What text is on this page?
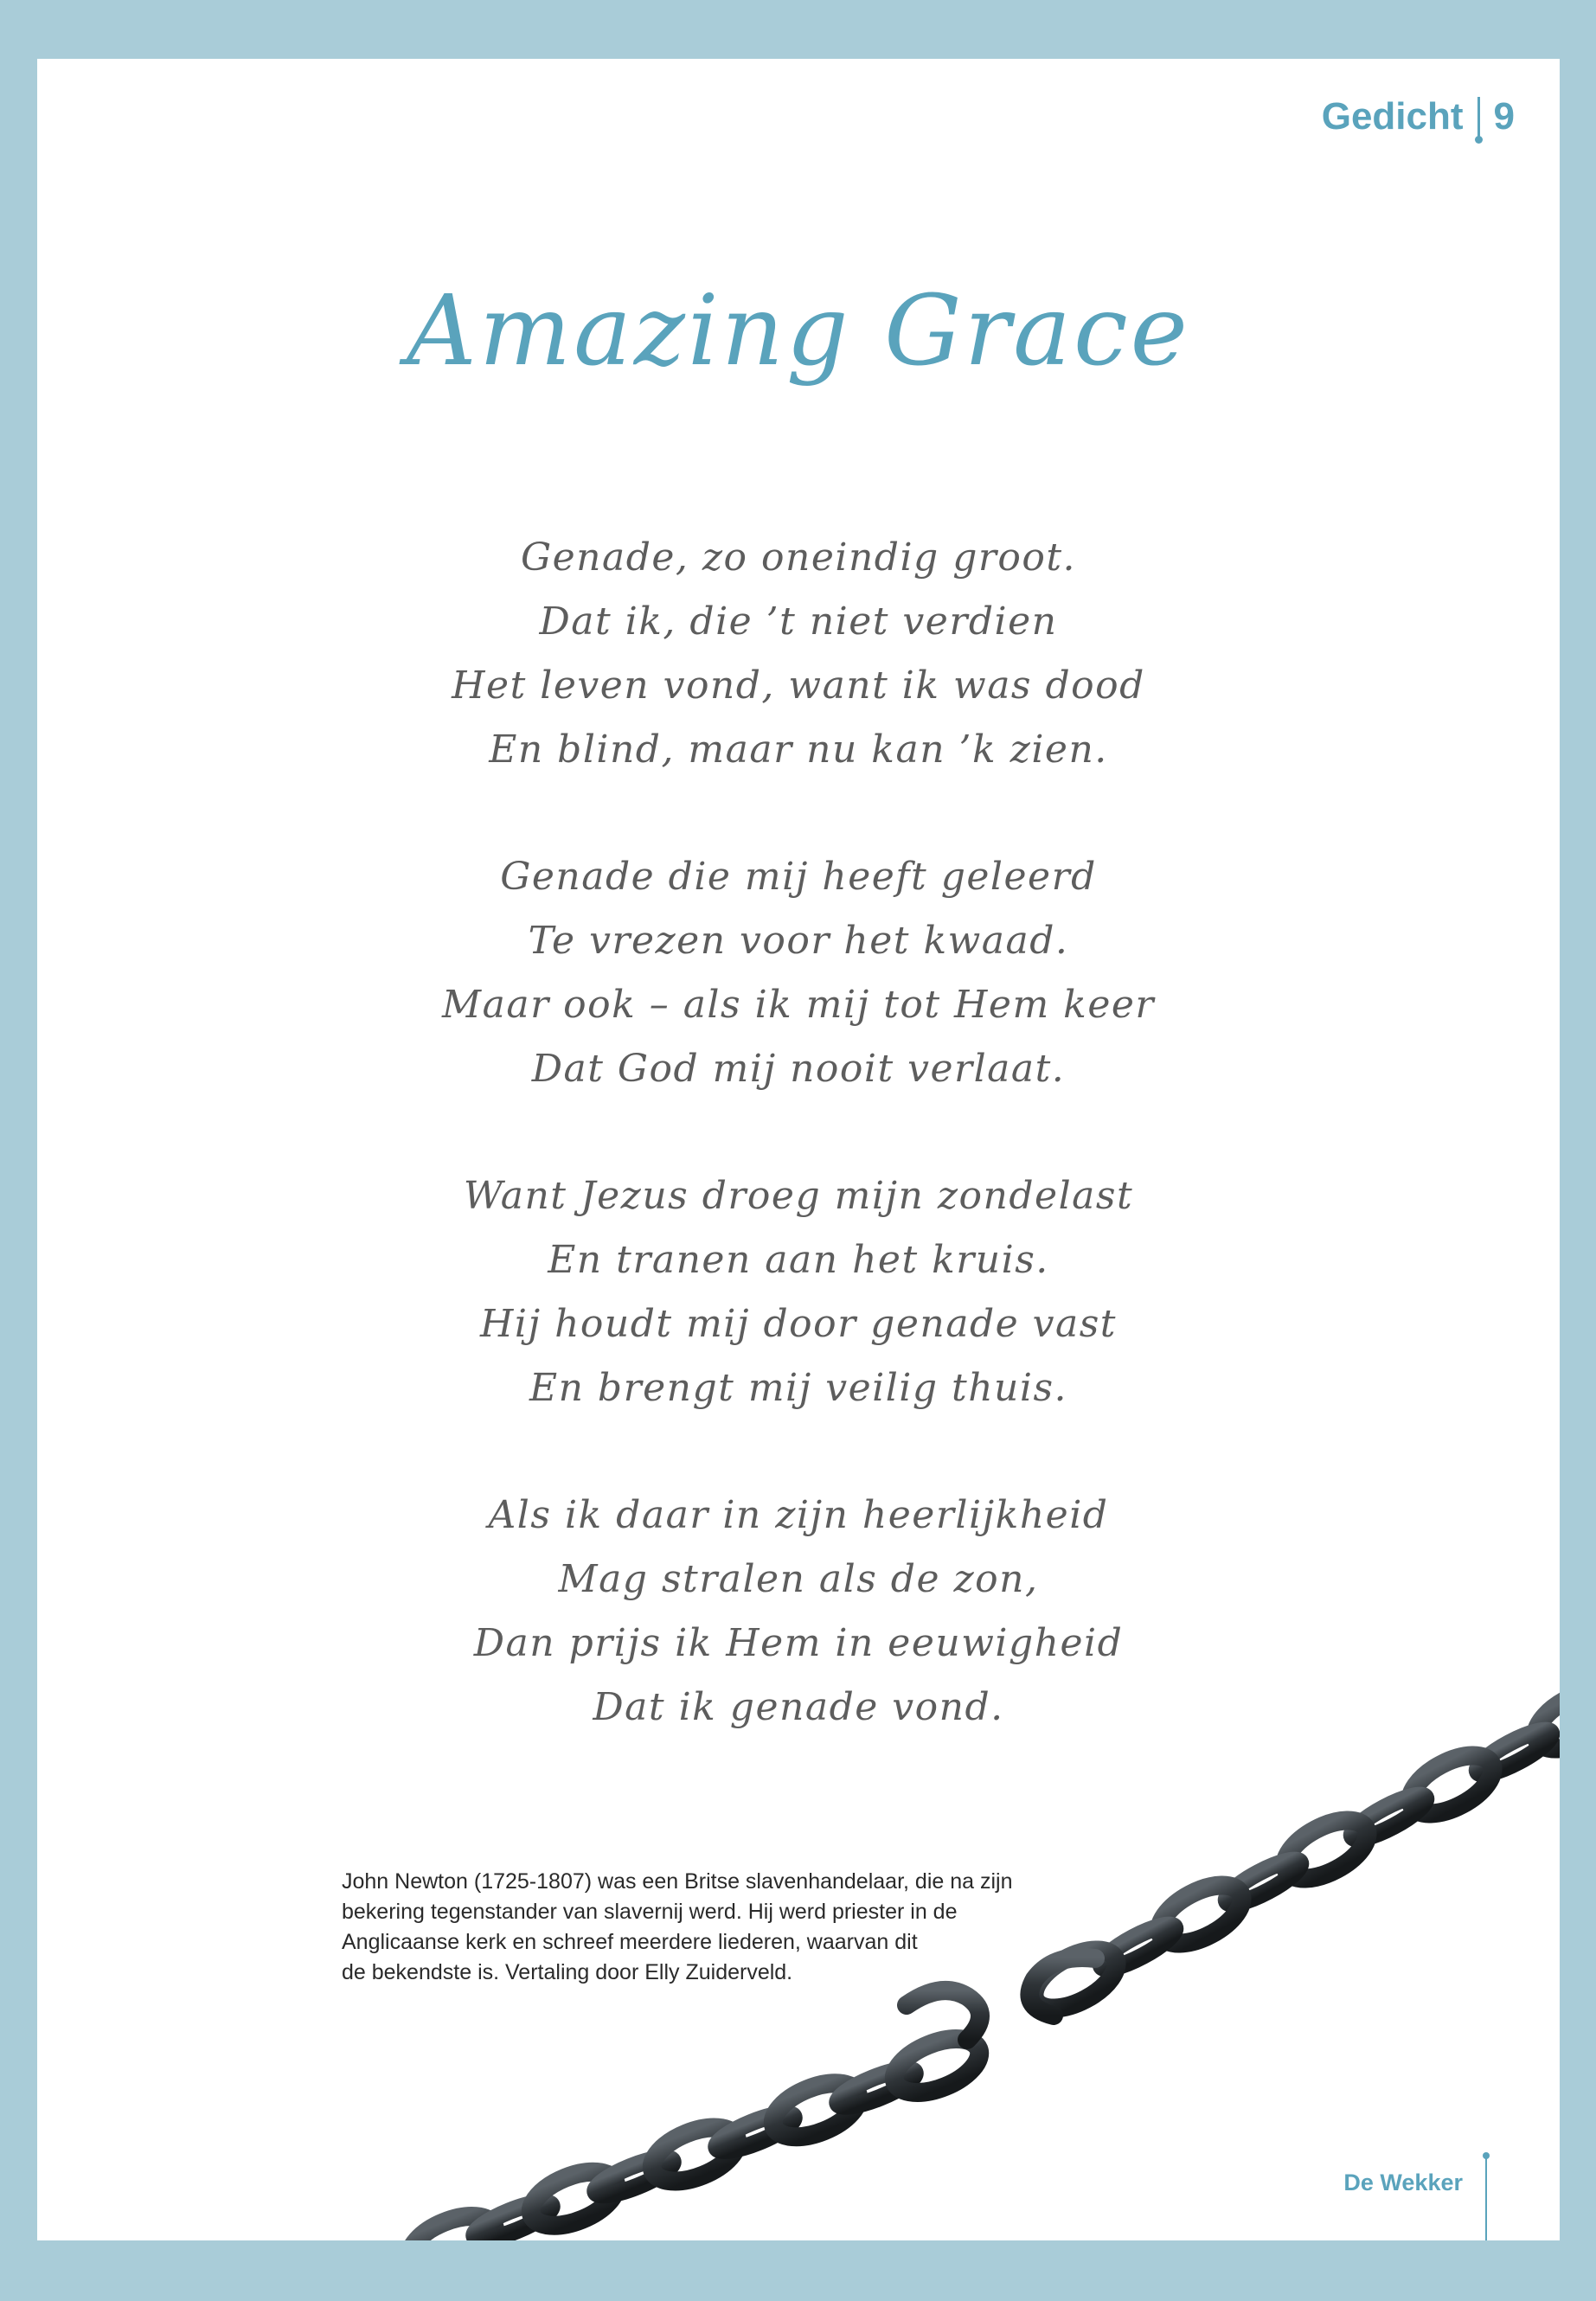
Gedicht 9
Amazing Grace
Genade, zo oneindig groot.
Dat ik, die ’t niet verdien
Het leven vond, want ik was dood
En blind, maar nu kan ’k zien.
Genade die mij heeft geleerd
Te vrezen voor het kwaad.
Maar ook – als ik mij tot Hem keer
Dat God mij nooit verlaat.
Want Jezus droeg mijn zondelast
En tranen aan het kruis.
Hij houdt mij door genade vast
En brengt mij veilig thuis.
Als ik daar in zijn heerlijkheid
Mag stralen als de zon,
Dan prijs ik Hem in eeuwigheid
Dat ik genade vond.
John Newton (1725-1807) was een Britse slavenhandelaar, die na zijn
bekering tegenstander van slavernij werd. Hij werd priester in de
Anglicaanse kerk en schreef meerdere liederen, waarvan dit
de bekendste is. Vertaling door Elly Zuiderveld.
De Wekker
